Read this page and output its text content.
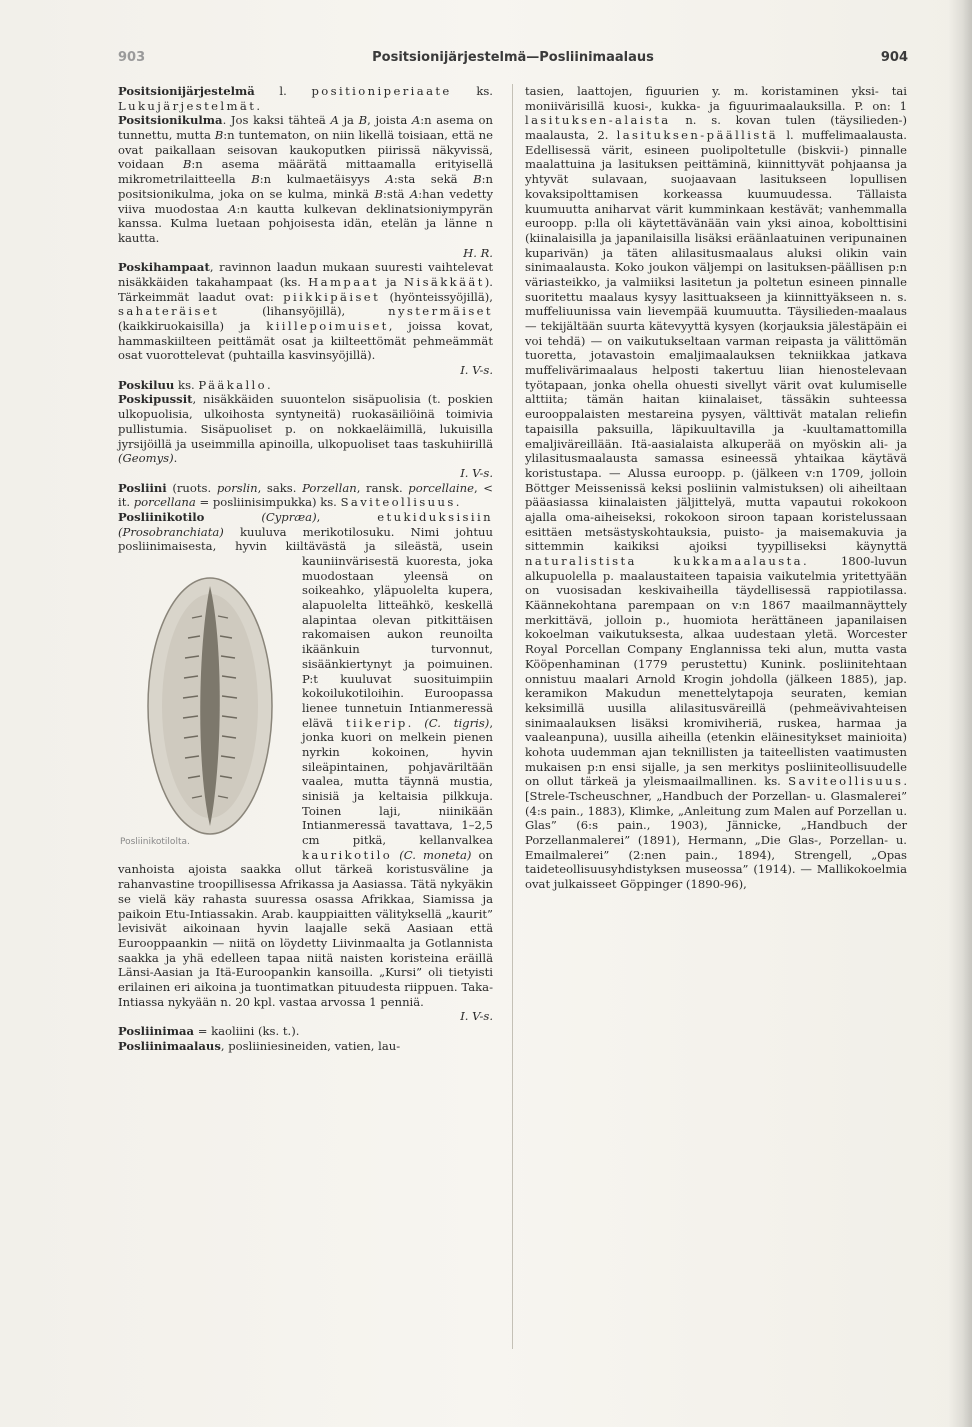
903	Positsionijärjestelmä—Posliinimaalaus	904

Positsionijärjestelmä l. positioniperiaate ks. Lukujärjestelmät.

Positsionikulma. Jos kaksi tähteä A ja B, joista A:n asema on tunnettu, mutta B:n tuntematon, on niin likellä toisiaan, että ne ovat paikallaan seisovan kaukoputken piirissä näkyvissä, voidaan B:n asema määrätä mittaamalla erityisellä mikrometrilaitteella B:n kulmaetäisyys A:sta sekä B:n positsionikulma, joka on se kulma, minkä B:stä A:han vedetty viiva muodostaa A:n kautta kulkevan deklinatsioniympyrän kanssa. Kulma luetaan pohjoisesta idän, etelän ja länne n kautta.
H. R.

Poskihampaat, ravinnon laadun mukaan suuresti vaihtelevat nisäkkäiden takahampaat (ks. Hampaat ja Nisäkkäät). Tärkeimmät laadut ovat: piikkipäiset (hyönteissyöjillä), sahateräiset (lihansyöjillä), nystermäiset (kaikkiruokaisilla) ja kiillepoimuiset, joissa kovat, hammaskiilteen peittämät osat ja kiilteettömät pehmeämmät osat vuorottelevat (puhtailla kasvinsyöjillä).
I. V-s.

Poskiluu ks. Pääkallo.

Poskipussit, nisäkkäiden suuontelon sisäpuolisia (t. poskien ulkopuolisia, ulkoihosta syntyneitä) ruokasäiliöinä toimivia pullistumia. Sisäpuoliset p. on nokkaeläimillä, lukuisilla jyrsijöillä ja useimmilla apinoilla, ulkopuoliset taas taskuhiirillä (Geomys).
I. V-s.

Posliini (ruots. porslin, saks. Porzellan, ransk. porcellaine, < it. porcellana = posliinisimpukka) ks. Saviteollisuus.

Posliinikotilo	(Cypræa), etukiduksisiin (Prosobranchiata) kuuluva merikotilosuku. Nimi johtuu posliinimaisesta, hyvin kiiltävästä ja sileästä, usein kauniinvärisestä kuoresta, joka
Posliinikotilolta.
muodostaan yleensä on soikeahko, yläpuolelta kupera, alapuolelta litteähkö, keskellä alapintaa olevan pitkittäisen rakomaisen aukon reunoilta ikäänkuin turvonnut, sisäänkiertynyt ja poimuinen. P:t kuuluvat suosituimpiin kokoilukotiloihin. Euroopassa lienee tunnetuin Intianmeressä elävä tiikerip. (C. tigris), jonka kuori on melkein pienen nyrkin kokoinen, hyvin sileäpintainen, pohjaväriltään vaalea, mutta täynnä mustia, sinisiä ja keltaisia pilkkuja. Toinen laji, niinikään Intianmeressä tavattava, 1–2,5 cm pitkä, kellanvalkea kaurikotilo (C. moneta) on vanhoista ajoista saakka ollut tärkeä koristusväline ja rahanvastine troopillisessa Afrikassa ja Aasiassa. Tätä nykyäkin se vielä käy rahasta suuressa osassa Afrikkaa, Siamissa ja paikoin Etu-Intiassakin. Arab. kauppiaitten välityksellä „kaurit” levisivät aikoinaan hyvin laajalle sekä Aasiaan että Eurooppaankin — niitä on löydetty Liivinmaalta ja Gotlannista saakka ja yhä edelleen tapaa niitä naisten koristeina eräillä Länsi-Aasian ja Itä-Euroopankin kansoilla. „Kursi” oli tietyisti erilainen eri aikoina ja tuontimatkan pituudesta riippuen. Taka-Intiassa nykyään n. 20 kpl. vastaa arvossa 1 penniä.
I. V-s.

Posliinimaa = kaoliini (ks. t.).

Posliinimaalaus, posliiniesineiden, vatien, lau-

tasien, laattojen, figuurien y. m. koristaminen yksi- tai moniivärisillä kuosi-, kukka- ja figuurimaalauksilla. P. on: 1 lasituksen-alaista n. s. kovan tulen (täysilieden-) maalausta, 2. lasituksen-päällistä l. muffelimaalausta. Edellisessä värit, esineen puolipoltetulle (biskvii-) pinnalle maalattuina ja lasituksen peittäminä, kiinnittyvät pohjaansa ja yhtyvät sulavaan, suojaavaan lasitukseen lopullisen kovaksipolttamisen korkeassa kuumuudessa. Tällaista kuumuutta aniharvat värit kumminkaan kestävät; vanhemmalla euroopp. p:lla oli käytettävänään vain yksi ainoa, kobolttisini (kiinalaisilla ja japanilaisilla lisäksi eräänlaatuinen veripunainen kuparivän) ja täten alilasitusmaalaus aluksi olikin vain sinimaalausta. Koko joukon väljempi on lasituksen-päällisen p:n väriasteikko, ja valmiiksi lasitetun ja poltetun esineen pinnalle suoritettu maalaus kysyy lasittuakseen ja kiinnittyäkseen n. s. muffeliuunissa vain lievempää kuumuutta. Täysilieden-maalaus — tekijältään suurta kätevyyttä kysyen (korjauksia jälestäpäin ei voi tehdä) — on vaikutukseltaan varman reipasta ja välittömän tuoretta, jotavastoin emaljimaalauksen tekniikkaa jatkava muffelivärimaalaus helposti takertuu liian hienostelevaan työtapaan, jonka ohella ohuesti sivellyt värit ovat kulumiselle alttiita; tämän haitan kiinalaiset, tässäkin suhteessa eurooppalaisten mestareina pysyen, välttivät matalan reliefin tapaisilla paksuilla, läpikuultavilla ja -kuultamattomilla emaljiväreillään. Itä-aasialaista alkuperää on myöskin ali- ja ylilasitusmaalausta samassa esineessä yhtaikaa käytävä koristustapa. — Alussa euroopp. p. (jälkeen v:n 1709, jolloin Böttger Meissenissä keksi posliinin valmistuksen) oli aiheiltaan pääasiassa kiinalaisten jäljittelyä, mutta vapautui rokokoon ajalla oma-aiheiseksi, rokokoon siroon tapaan koristelussaan esittäen metsästyskohtauksia, puisto- ja maisemakuvia ja sittemmin kaikiksi ajoiksi tyypilliseksi käynyttä naturalistista kukkamaalausta. 1800-luvun alkupuolella p. maalaustaiteen tapaisia vaikutelmia yritettyään on vuosisadan keskivaiheilla täydellisessä rappiotilassa. Käännekohtana parempaan on v:n 1867 maailmannäyttely merkittävä, jolloin p., huomiota herättäneen japanilaisen kokoelman vaikutuksesta, alkaa uudestaan yletä. Worcester Royal Porcellan Company Englannissa teki alun, mutta vasta Kööpenhaminan (1779 perustettu) Kunink. posliinitehtaan onnistuu maalari Arnold Krogin johdolla (jälkeen 1885), jap. keramikon Makudun menettelytapoja seuraten, kemian keksimillä uusilla alilasitusväreillä (pehmeävivahteisen sinimaalauksen lisäksi kromiviheriä, ruskea, harmaa ja vaaleanpuna), uusilla aiheilla (etenkin eläinesitykset mainioita) kohota uudemman ajan teknillisten ja taiteellisten vaatimusten mukaisen p:n ensi sijalle, ja sen merkitys posliiniteollisuudelle on ollut tärkeä ja yleismaailmallinen. ks. Saviteollisuus. [Strele-Tscheuschner, „Handbuch der Porzellan- u. Glasmalerei” (4:s pain., 1883), Klimke, „Anleitung zum Malen auf Porzellan u. Glas” (6:s pain., 1903), Jännicke, „Handbuch der Porzellanmalerei” (1891), Hermann, „Die Glas-, Porzellan- u. Emailmalerei” (2:nen pain., 1894), Strengell, „Opas taideteollisuusyhdistyksen museossa” (1914). — Mallikokoelmia ovat julkaisseet Göppinger (1890-96),
